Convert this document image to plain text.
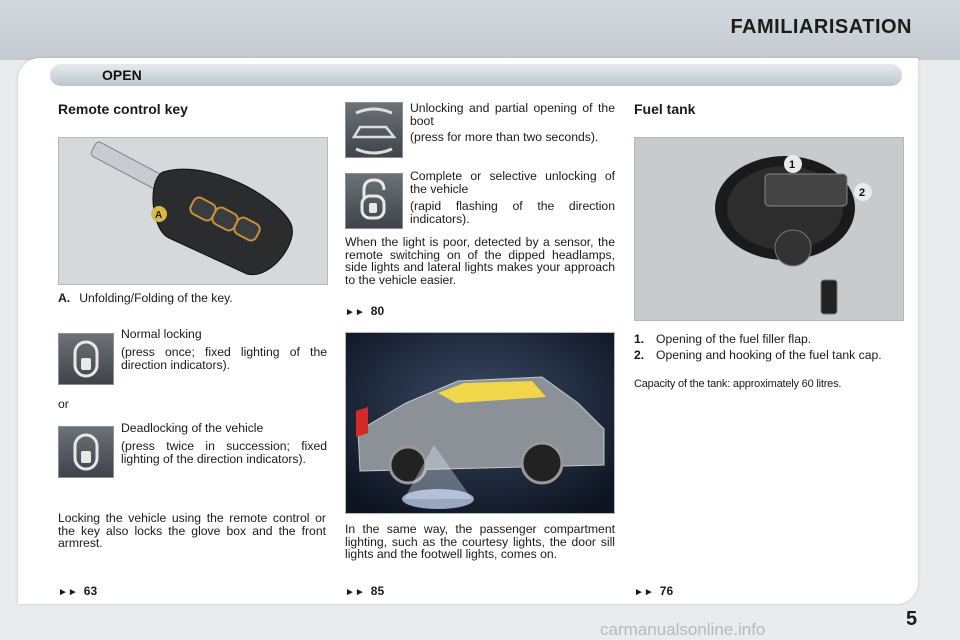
FAMILIARISATION
OPEN
Remote control key
A
A. Unfolding/Folding of the key.
Normal locking
(press once; fixed lighting of the direction indicators).
or
Deadlocking of the vehicle
(press twice in succession; fixed lighting of the direction indicators).
Locking the vehicle using the remote control or the key also locks the glove box and the front armrest.
►► 63
Unlocking and partial opening of the boot
(press for more than two seconds).
Complete or selective unlocking of the vehicle
(rapid flashing of the direction indicators).
When the light is poor, detected by a sensor, the remote switching on of the dipped headlamps, side lights and lateral lights makes your approach to the vehicle easier.
►► 80
In the same way, the passenger compartment lighting, such as the courtesy lights, the door sill lights and the footwell lights, comes on.
►► 85
Fuel tank
1
2
1. Opening of the fuel filler flap.
2. Opening and hooking of the fuel tank cap.
Capacity of the tank: approximately 60 litres.
►► 76
5
carmanualsonline.info
